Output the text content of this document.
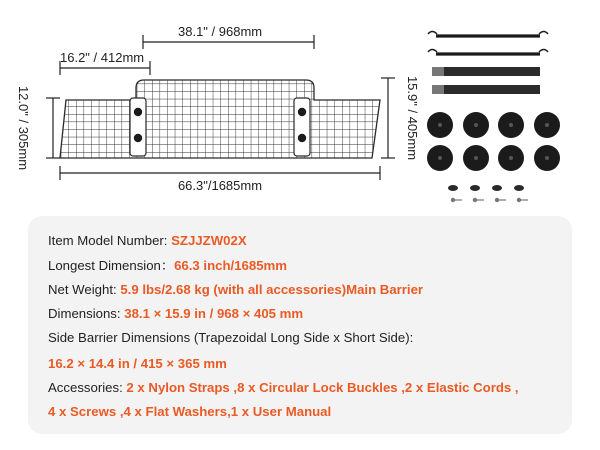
38.1" / 968mm
16.2" / 412mm
12.0" / 305mm	15.9" / 405mm
66.3"/1685mm
Item Model Number: SZJJZW02X
Longest Dimension：66.3 inch/1685mm
Net Weight: 5.9 lbs/2.68 kg (with all accessories)Main Barrier
Dimensions: 38.1 × 15.9 in / 968 × 405 mm
Side Barrier Dimensions (Trapezoidal Long Side x Short Side):
16.2 × 14.4 in / 415 × 365 mm
Accessories: 2 x Nylon Straps ,8 x Circular Lock Buckles ,2 x Elastic Cords ,
4 x Screws ,4 x Flat Washers,1 x User Manual
